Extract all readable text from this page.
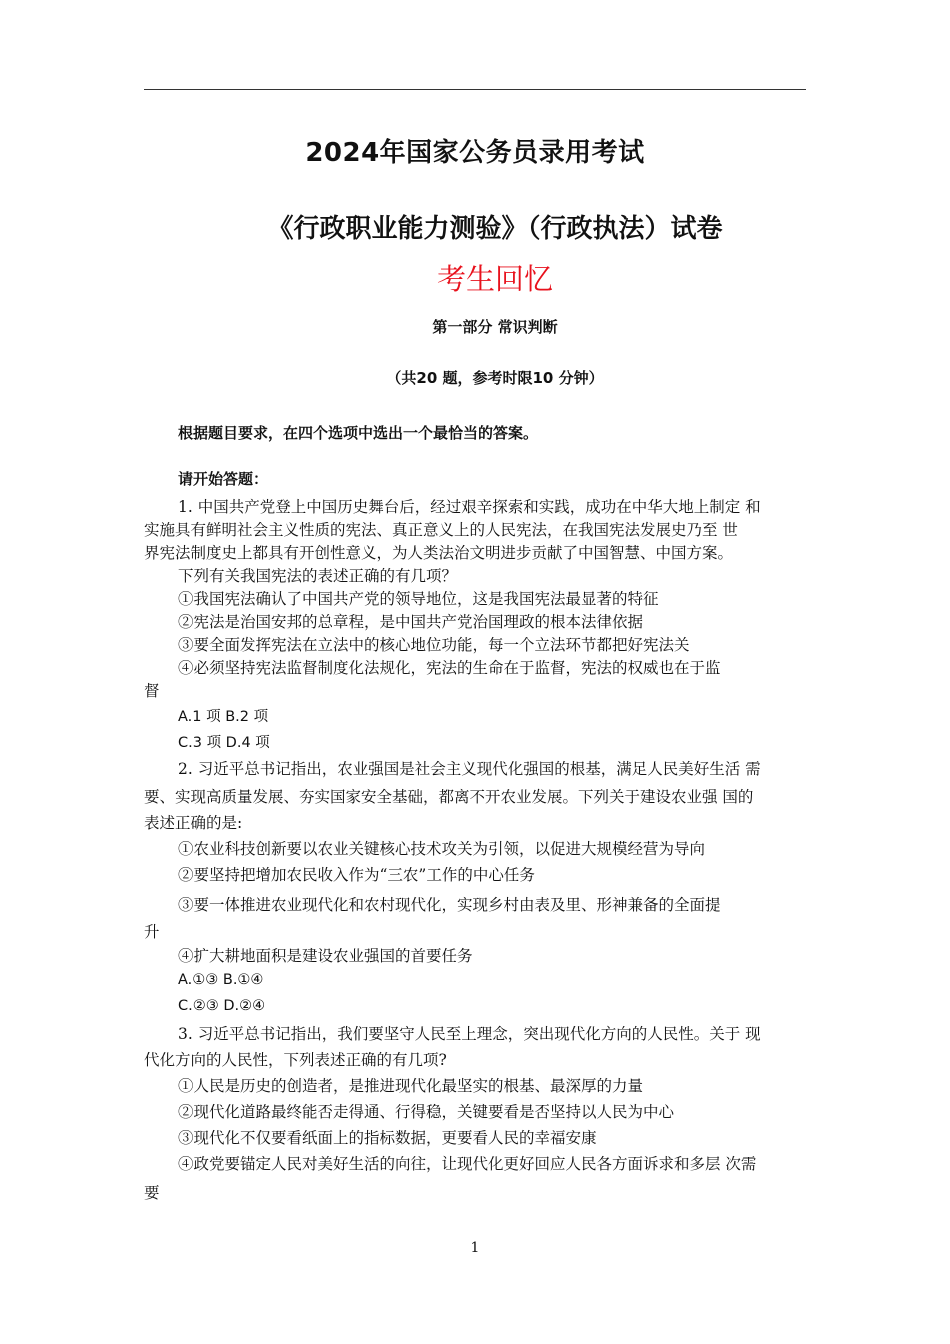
2024年国家公务员录用考试
《行政职业能力测验》（行政执法）试卷
考生回忆
第一部分 常识判断
（共20 题，参考时限10 分钟）
根据题目要求，在四个选项中选出一个最恰当的答案。
请开始答题：
1. 中国共产党登上中国历史舞台后，经过艰辛探索和实践，成功在中华大地上制定 和
实施具有鲜明社会主义性质的宪法、真正意义上的人民宪法，在我国宪法发展史乃至 世
界宪法制度史上都具有开创性意义，为人类法治文明进步贡献了中国智慧、中国方案。
下列有关我国宪法的表述正确的有几项？
①我国宪法确认了中国共产党的领导地位，这是我国宪法最显著的特征
②宪法是治国安邦的总章程，是中国共产党治国理政的根本法律依据
③要全面发挥宪法在立法中的核心地位功能，每一个立法环节都把好宪法关
④必须坚持宪法监督制度化法规化，宪法的生命在于监督，宪法的权威也在于监
督
A.1 项 B.2 项
C.3 项 D.4 项
2. 习近平总书记指出，农业强国是社会主义现代化强国的根基，满足人民美好生活 需
要、实现高质量发展、夯实国家安全基础，都离不开农业发展。下列关于建设农业强 国的
表述正确的是:
①农业科技创新要以农业关键核心技术攻关为引领，以促进大规模经营为导向
②要坚持把增加农民收入作为“三农”工作的中心任务
③要一体推进农业现代化和农村现代化，实现乡村由表及里、形神兼备的全面提
升
④扩大耕地面积是建设农业强国的首要任务
A.①③ B.①④
C.②③ D.②④
3. 习近平总书记指出，我们要坚守人民至上理念，突出现代化方向的人民性。关于 现
代化方向的人民性，下列表述正确的有几项?
①人民是历史的创造者，是推进现代化最坚实的根基、最深厚的力量
②现代化道路最终能否走得通、行得稳，关键要看是否坚持以人民为中心
③现代化不仅要看纸面上的指标数据，更要看人民的幸福安康
④政党要锚定人民对美好生活的向往，让现代化更好回应人民各方面诉求和多层 次需
要
1
